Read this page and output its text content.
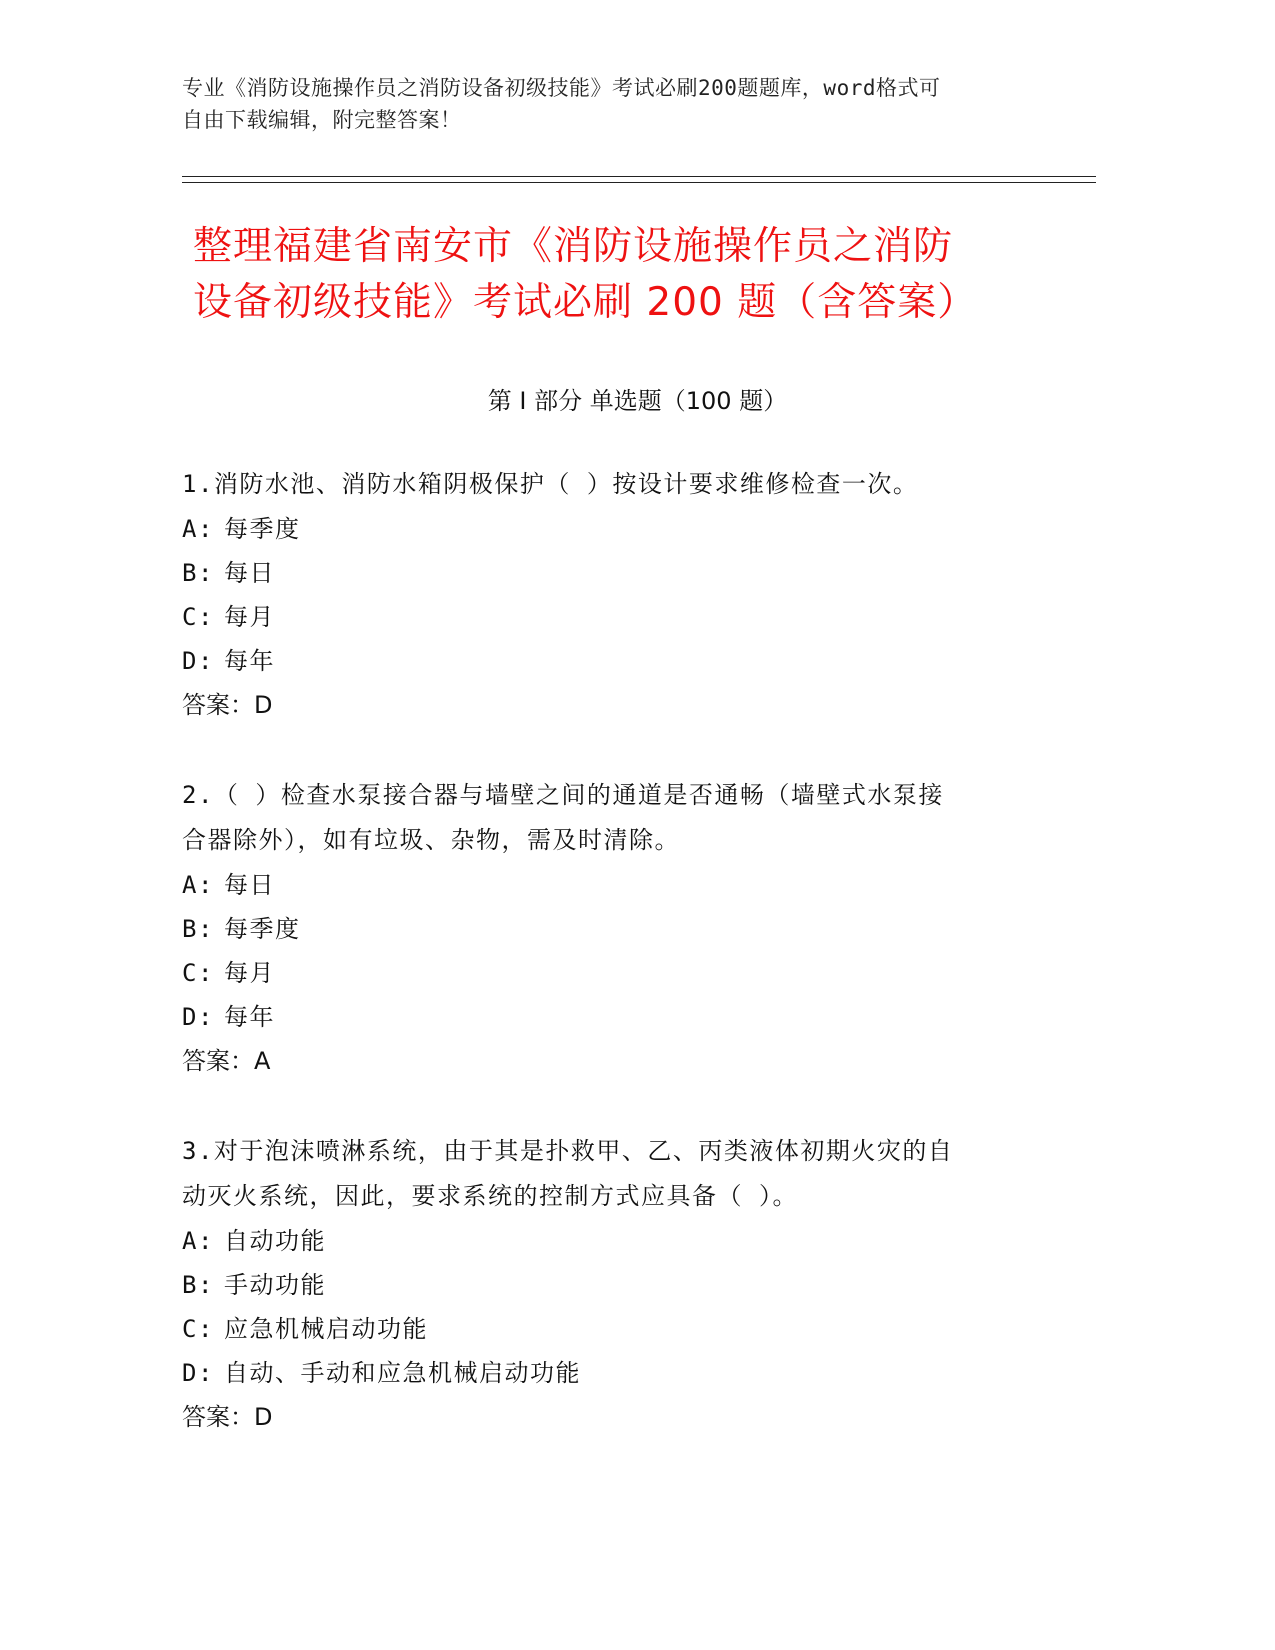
专业《消防设施操作员之消防设备初级技能》考试必刷200题题库，word格式可
自由下载编辑，附完整答案！
整理福建省南安市《消防设施操作员之消防
设备初级技能》考试必刷 200 题（含答案）
第 I 部分 单选题（100 题）
1.消防水池、消防水箱阴极保护（ ）按设计要求维修检查一次。
A: 每季度
B: 每日
C: 每月
D: 每年
答案：D
2.（ ）检查水泵接合器与墙壁之间的通道是否通畅（墙壁式水泵接
合器除外），如有垃圾、杂物，需及时清除。
A: 每日
B: 每季度
C: 每月
D: 每年
答案：A
3.对于泡沫喷淋系统，由于其是扑救甲、乙、丙类液体初期火灾的自
动灭火系统，因此，要求系统的控制方式应具备（ ）。
A: 自动功能
B: 手动功能
C: 应急机械启动功能
D: 自动、手动和应急机械启动功能
答案：D
